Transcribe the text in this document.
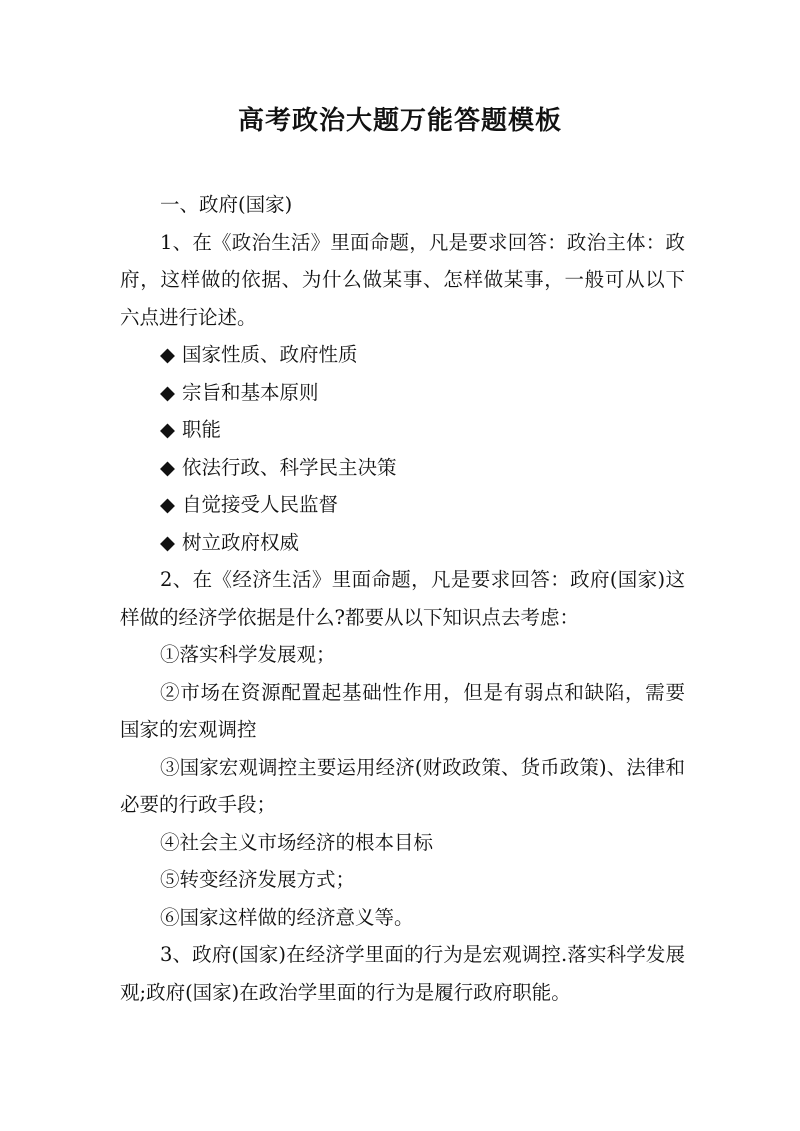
高考政治大题万能答题模板

一、政府(国家)

1、在《政治生活》里面命题，凡是要求回答：政治主体：政府，这样做的依据、为什么做某事、怎样做某事，一般可从以下六点进行论述。

◆ 国家性质、政府性质
◆ 宗旨和基本原则
◆ 职能
◆ 依法行政、科学民主决策
◆ 自觉接受人民监督
◆ 树立政府权威

2、在《经济生活》里面命题，凡是要求回答：政府(国家)这样做的经济学依据是什么?都要从以下知识点去考虑：

①落实科学发展观；

②市场在资源配置起基础性作用，但是有弱点和缺陷，需要国家的宏观调控

③国家宏观调控主要运用经济(财政政策、货币政策)、法律和必要的行政手段；

④社会主义市场经济的根本目标

⑤转变经济发展方式；

⑥国家这样做的经济意义等。

3、政府(国家)在经济学里面的行为是宏观调控.落实科学发展观;政府(国家)在政治学里面的行为是履行政府职能。
